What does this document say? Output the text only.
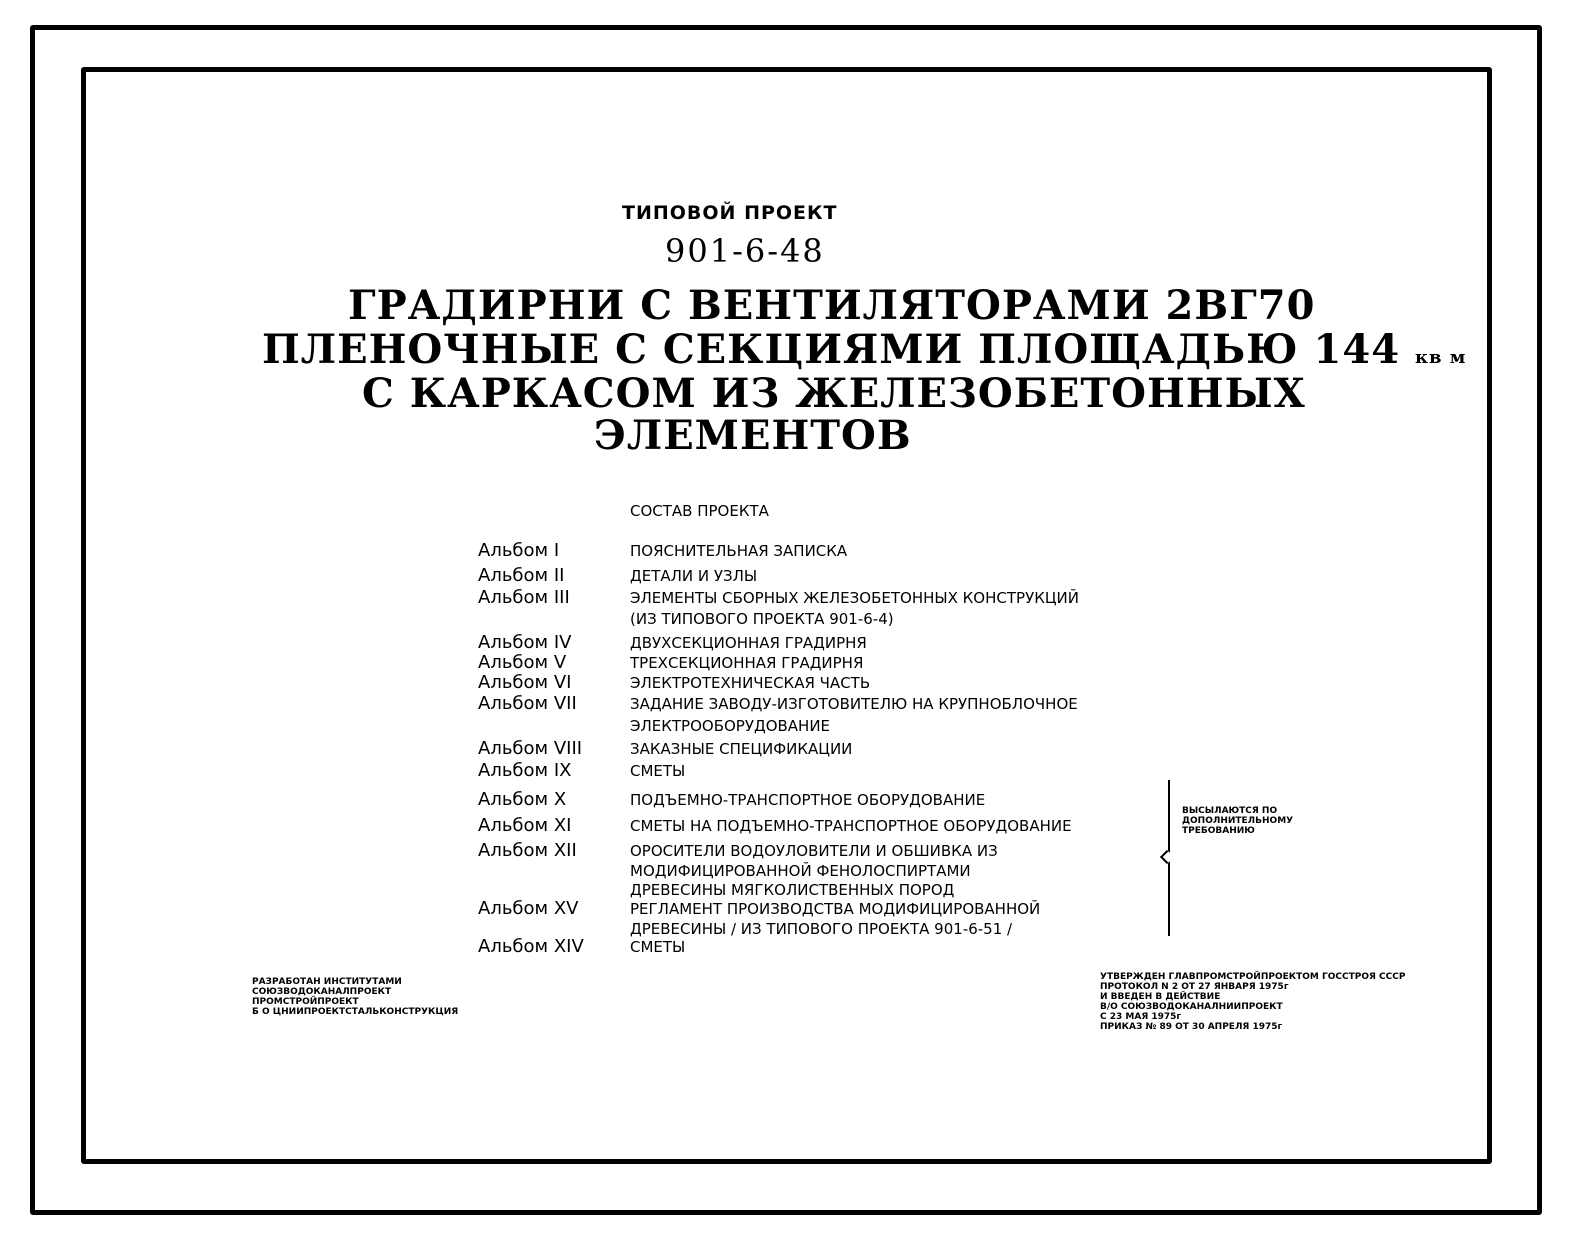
ТИПОВОЙ ПРОЕКТ
901-6-48
ГРАДИРНИ С ВЕНТИЛЯТОРАМИ 2ВГ70
ПЛЕНОЧНЫЕ С СЕКЦИЯМИ ПЛОЩАДЬЮ 144 кв м
С КАРКАСОМ ИЗ ЖЕЛЕЗОБЕТОННЫХ
ЭЛЕМЕНТОВ
СОСТАВ ПРОЕКТА
Альбом I	ПОЯСНИТЕЛЬНАЯ ЗАПИСКА
Альбом II	ДЕТАЛИ И УЗЛЫ
Альбом III	ЭЛЕМЕНТЫ СБОРНЫХ ЖЕЛЕЗОБЕТОННЫХ КОНСТРУКЦИЙ
(ИЗ ТИПОВОГО ПРОЕКТА 901-6-4)
Альбом IV	ДВУХСЕКЦИОННАЯ ГРАДИРНЯ
Альбом V	ТРЕХСЕКЦИОННАЯ ГРАДИРНЯ
Альбом VI	ЭЛЕКТРОТЕХНИЧЕСКАЯ ЧАСТЬ
Альбом VII	ЗАДАНИЕ ЗАВОДУ-ИЗГОТОВИТЕЛЮ НА КРУПНОБЛОЧНОЕ
ЭЛЕКТРООБОРУДОВАНИЕ
Альбом VIII	ЗАКАЗНЫЕ СПЕЦИФИКАЦИИ
Альбом IX	СМЕТЫ
Альбом X	ПОДЪЕМНО-ТРАНСПОРТНОЕ ОБОРУДОВАНИЕ
Альбом XI	СМЕТЫ НА ПОДЪЕМНО-ТРАНСПОРТНОЕ ОБОРУДОВАНИЕ
Альбом XII	ОРОСИТЕЛИ ВОДОУЛОВИТЕЛИ И ОБШИВКА ИЗ
МОДИФИЦИРОВАННОЙ ФЕНОЛОСПИРТАМИ
ДРЕВЕСИНЫ МЯГКОЛИСТВЕННЫХ ПОРОД
Альбом XV	РЕГЛАМЕНТ ПРОИЗВОДСТВА МОДИФИЦИРОВАННОЙ
ДРЕВЕСИНЫ / ИЗ ТИПОВОГО ПРОЕКТА 901-6-51 /
Альбом XIV	СМЕТЫ
ВЫСЫЛАЮТСЯ ПО
ДОПОЛНИТЕЛЬНОМУ
ТРЕБОВАНИЮ
РАЗРАБОТАН ИНСТИТУТАМИ
СОЮЗВОДОКАНАЛПРОЕКТ
ПРОМСТРОЙПРОЕКТ
Б О ЦНИИПРОЕКТСТАЛЬКОНСТРУКЦИЯ
УТВЕРЖДЕН ГЛАВПРОМСТРОЙПРОЕКТОМ ГОССТРОЯ СССР
ПРОТОКОЛ N 2 ОТ 27 ЯНВАРЯ 1975г
И ВВЕДЕН В ДЕЙСТВИЕ
В/О СОЮЗВОДОКАНАЛНИИПРОЕКТ
С 23 МАЯ 1975г
ПРИКАЗ № 89 ОТ 30 АПРЕЛЯ 1975г
